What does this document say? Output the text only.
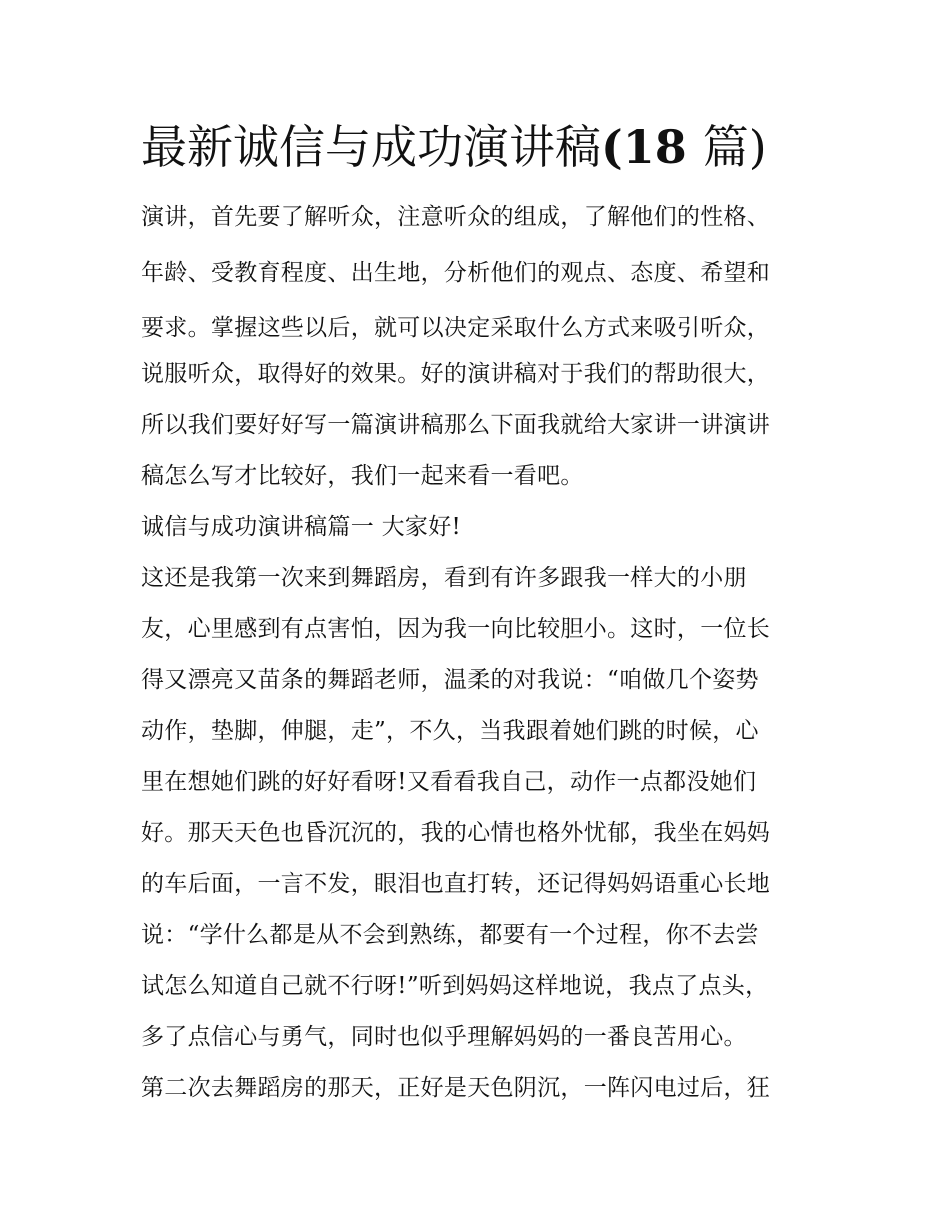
最新诚信与成功演讲稿(18 篇)

演讲，首先要了解听众，注意听众的组成，了解他们的性格、

年龄、受教育程度、出生地，分析他们的观点、态度、希望和

要求。掌握这些以后，就可以决定采取什么方式来吸引听众，

说服听众，取得好的效果。好的演讲稿对于我们的帮助很大，

所以我们要好好写一篇演讲稿那么下面我就给大家讲一讲演讲

稿怎么写才比较好，我们一起来看一看吧。

诚信与成功演讲稿篇一 大家好!

这还是我第一次来到舞蹈房，看到有许多跟我一样大的小朋

友，心里感到有点害怕，因为我一向比较胆小。这时，一位长

得又漂亮又苗条的舞蹈老师，温柔的对我说：“咱做几个姿势

动作，垫脚，伸腿，走”，不久，当我跟着她们跳的时候，心

里在想她们跳的好好看呀!又看看我自己，动作一点都没她们

好。那天天色也昏沉沉的，我的心情也格外忧郁，我坐在妈妈

的车后面，一言不发，眼泪也直打转，还记得妈妈语重心长地

说：“学什么都是从不会到熟练，都要有一个过程，你不去尝

试怎么知道自己就不行呀!”听到妈妈这样地说，我点了点头，

多了点信心与勇气，同时也似乎理解妈妈的一番良苦用心。

第二次去舞蹈房的那天，正好是天色阴沉，一阵闪电过后，狂
